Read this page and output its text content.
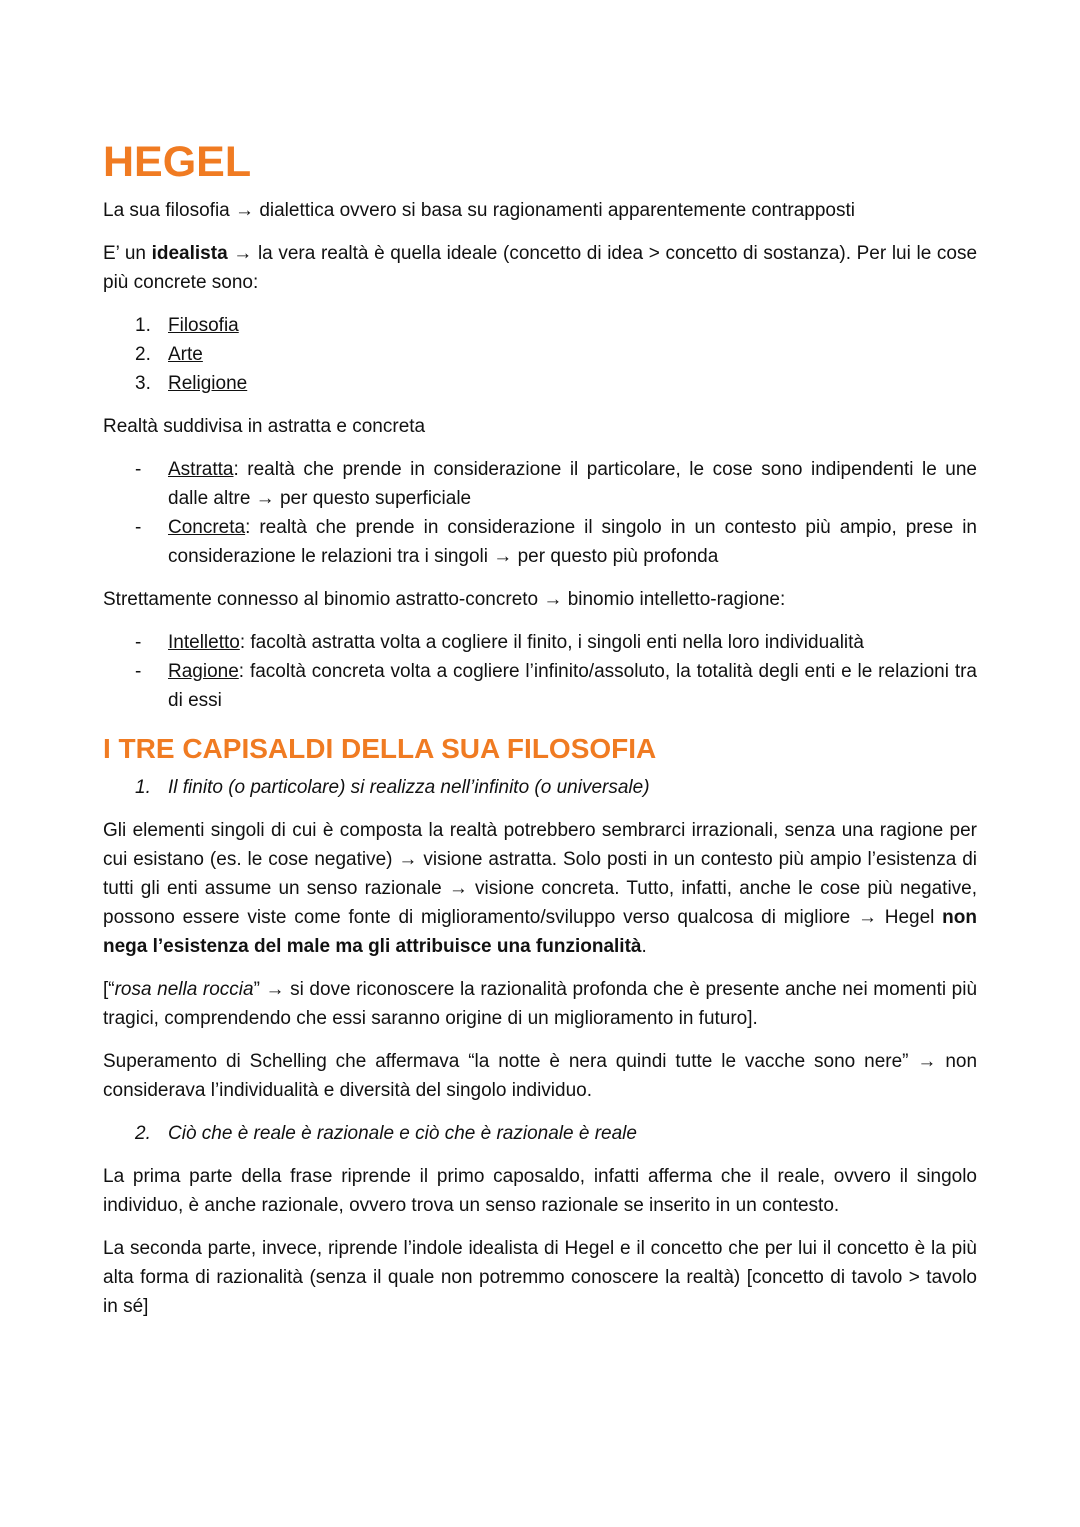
HEGEL

La sua filosofia → dialettica ovvero si basa su ragionamenti apparentemente contrapposti

E’ un idealista → la vera realtà è quella ideale (concetto di idea > concetto di sostanza). Per lui le cose più concrete sono:

1. Filosofia
2. Arte
3. Religione

Realtà suddivisa in astratta e concreta

- Astratta: realtà che prende in considerazione il particolare, le cose sono indipendenti le une dalle altre → per questo superficiale
- Concreta: realtà che prende in considerazione il singolo in un contesto più ampio, prese in considerazione le relazioni tra i singoli → per questo più profonda

Strettamente connesso al binomio astratto-concreto → binomio intelletto-ragione:

- Intelletto: facoltà astratta volta a cogliere il finito, i singoli enti nella loro individualità
- Ragione: facoltà concreta volta a cogliere l’infinito/assoluto, la totalità degli enti e le relazioni tra di essi
I TRE CAPISALDI DELLA SUA FILOSOFIA
1. Il finito (o particolare) si realizza nell’infinito (o universale)

Gli elementi singoli di cui è composta la realtà potrebbero sembrarci irrazionali, senza una ragione per cui esistano (es. le cose negative) → visione astratta. Solo posti in un contesto più ampio l’esistenza di tutti gli enti assume un senso razionale → visione concreta. Tutto, infatti, anche le cose più negative, possono essere viste come fonte di miglioramento/sviluppo verso qualcosa di migliore → Hegel non nega l’esistenza del male ma gli attribuisce una funzionalità.

[“rosa nella roccia” → si dove riconoscere la razionalità profonda che è presente anche nei momenti più tragici, comprendendo che essi saranno origine di un miglioramento in futuro].

Superamento di Schelling che affermava “la notte è nera quindi tutte le vacche sono nere” → non considerava l’individualità e diversità del singolo individuo.

2. Ciò che è reale è razionale e ciò che è razionale è reale

La prima parte della frase riprende il primo caposaldo, infatti afferma che il reale, ovvero il singolo individuo, è anche razionale, ovvero trova un senso razionale se inserito in un contesto.

La seconda parte, invece, riprende l’indole idealista di Hegel e il concetto che per lui il concetto è la più alta forma di razionalità (senza il quale non potremmo conoscere la realtà) [concetto di tavolo > tavolo in sé]
